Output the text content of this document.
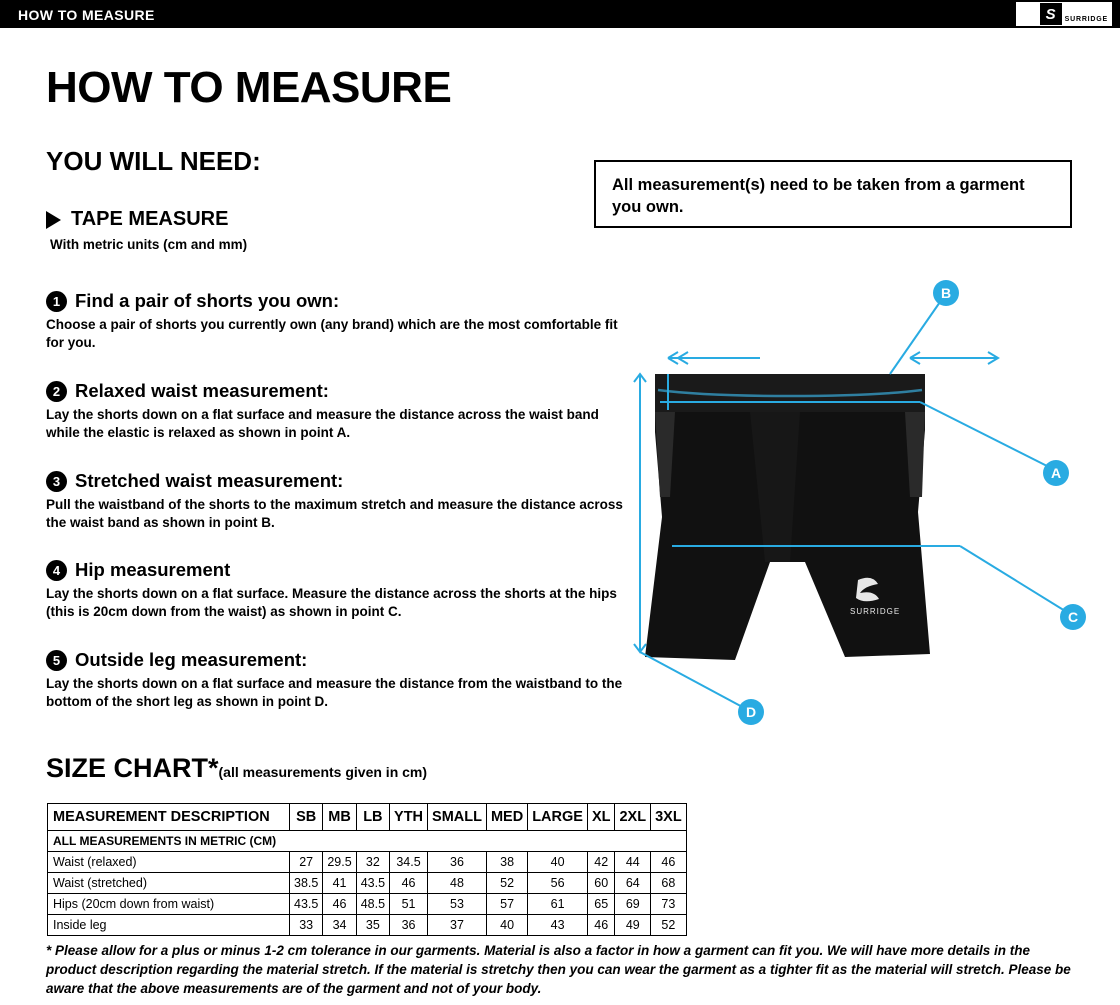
HOW TO MEASURE	S	SURRIDGE
HOW TO MEASURE
YOU WILL NEED:
TAPE MEASURE
With metric units (cm and mm)
All measurement(s) need to be taken from a garment you own.
1 Find a pair of shorts you own:
Choose a pair of shorts you currently own (any brand) which are the most comfortable fit for you.
2 Relaxed waist measurement:
Lay the shorts down on a flat surface and measure the distance across the waist band while the elastic is relaxed as shown in point A.
3 Stretched waist measurement:
Pull the waistband of the shorts to the maximum stretch and measure the distance across the waist band as shown in point B.
4 Hip measurement
Lay the shorts down on a flat surface. Measure the distance across the shorts at the hips (this is 20cm down from the waist) as shown in point C.
5 Outside leg measurement:
Lay the shorts down on a flat surface and measure the distance from the waistband to the bottom of the short leg as shown in point D.
SURRIDGE
B
A
C
D
SIZE CHART*(all measurements given in cm)
MEASUREMENT DESCRIPTION	SB	MB	LB	YTH	SMALL	MED	LARGE	XL	2XL	3XL
ALL MEASUREMENTS IN METRIC (CM)										
Waist (relaxed)	27	29.5	32	34.5	36	38	40	42	44	46
Waist (stretched)	38.5	41	43.5	46	48	52	56	60	64	68
Hips (20cm down from waist)	43.5	46	48.5	51	53	57	61	65	69	73
Inside leg	33	34	35	36	37	40	43	46	49	52
* Please allow for a plus or minus 1-2 cm tolerance in our garments. Material is also a factor in how a garment can fit you. We will have more details in the product description regarding the material stretch. If the material is stretchy then you can wear the garment as a tighter fit as the material will stretch. Please be aware that the above measurements are of the garment and not of your body.
